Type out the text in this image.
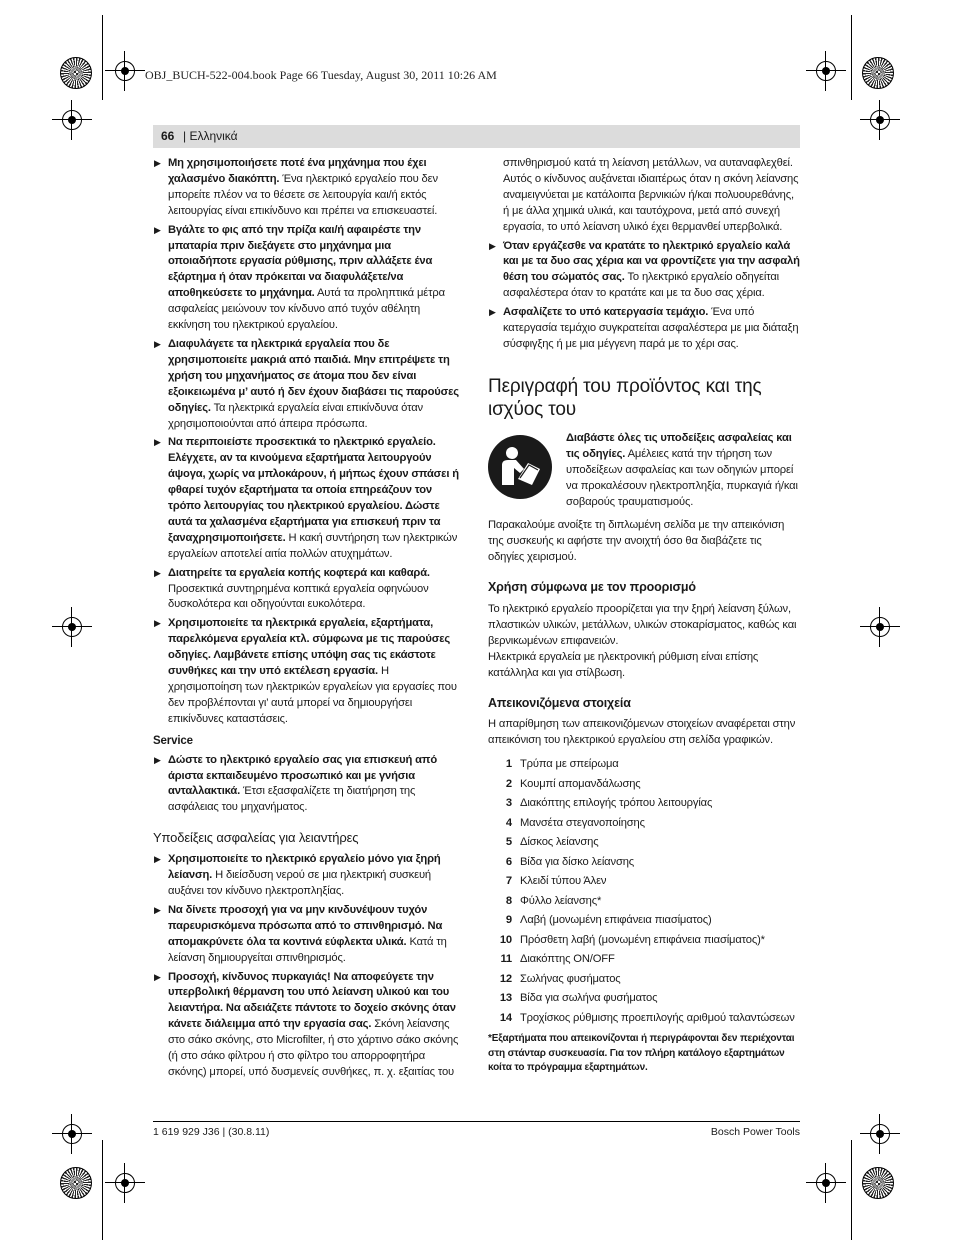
OBJ_BUCH-522-004.book Page 66 Tuesday, August 30, 2011 10:26 AM
66 | Ελληνικά
▶ Μη χρησιμοποιήσετε ποτέ ένα μηχάνημα που έχει χαλασμένο διακόπτη. Ένα ηλεκτρικό εργαλείο που δεν μπορείτε πλέον να το θέσετε σε λειτουργία και/ή εκτός λειτουργίας είναι επικίνδυνο και πρέπει να επισκευαστεί.
▶ Βγάλτε το φις από την πρίζα και/ή αφαιρέστε την μπαταρία πριν διεξάγετε στο μηχάνημα μια οποιαδήποτε εργασία ρύθμισης, πριν αλλάξετε ένα εξάρτημα ή όταν πρόκειται να διαφυλάξετε/να αποθηκεύσετε το μηχάνημα. Αυτά τα προληπτικά μέτρα ασφαλείας μειώνουν τον κίνδυνο από τυχόν αθέλητη εκκίνηση του ηλεκτρικού εργαλείου.
▶ Διαφυλάγετε τα ηλεκτρικά εργαλεία που δε χρησιμοποιείτε μακριά από παιδιά. Μην επιτρέψετε τη χρήση του μηχανήματος σε άτομα που δεν είναι εξοικειωμένα μ’ αυτό ή δεν έχουν διαβάσει τις παρούσες οδηγίες. Τα ηλεκτρικά εργαλεία είναι επικίνδυνα όταν χρησιμοποιούνται από άπειρα πρόσωπα.
▶ Να περιποιείστε προσεκτικά το ηλεκτρικό εργαλείο. Ελέγχετε, αν τα κινούμενα εξαρτήματα λειτουργούν άψογα, χωρίς να μπλοκάρουν, ή μήπως έχουν σπάσει ή φθαρεί τυχόν εξαρτήματα τα οποία επηρεάζουν τον τρόπο λειτουργίας του ηλεκτρικού εργαλείου. Δώστε αυτά τα χαλασμένα εξαρτήματα για επισκευή πριν τα ξαναχρησιμοποιήσετε. Η κακή συντήρηση των ηλεκτρικών εργαλείων αποτελεί αιτία πολλών ατυχημάτων.
▶ Διατηρείτε τα εργαλεία κοπής κοφτερά και καθαρά. Προσεκτικά συντηρημένα κοπτικά εργαλεία οφηνώυον δυσκολότερα και οδηγούνται ευκολότερα.
▶ Χρησιμοποιείτε τα ηλεκτρικά εργαλεία, εξαρτήματα, παρελκόμενα εργαλεία κτλ. σύμφωνα με τις παρούσες οδηγίες. Λαμβάνετε επίσης υπόψη σας τις εκάστοτε συνθήκες και την υπό εκτέλεση εργασία. Η χρησιμοποίηση των ηλεκτρικών εργαλείων για εργασίες που δεν προβλέπονται γι’ αυτά μπορεί να δημιουργήσει επικίνδυνες καταστάσεις.
Service
▶ Δώστε το ηλεκτρικό εργαλείο σας για επισκευή από άριστα εκπαιδευμένο προσωπικό και με γνήσια ανταλλακτικά. Έτσι εξασφαλίζετε τη διατήρηση της ασφάλειας του μηχανήματος.
Υποδείξεις ασφαλείας για λειαντήρες
▶ Χρησιμοποιείτε το ηλεκτρικό εργαλείο μόνο για ξηρή λείανση. Η διείσδυση νερού σε μια ηλεκτρική συσκευή αυξάνει τον κίνδυνο ηλεκτροπληξίας.
▶ Να δίνετε προσοχή για να μην κινδυνέψουν τυχόν παρευρισκόμενα πρόσωπα από το σπινθηρισμό. Να απομακρύνετε όλα τα κοντινά εύφλεκτα υλικά. Κατά τη λείανση δημιουργείται σπινθηρισμός.
▶ Προσοχή, κίνδυνος πυρκαγιάς! Να αποφεύγετε την υπερβολική θέρμανση του υπό λείανση υλικού και του λειαντήρα. Να αδειάζετε πάντοτε το δοχείο σκόνης όταν κάνετε διάλειμμα από την εργασία σας. Σκόνη λείανσης στο σάκο σκόνης, στο Microfilter, ή στο χάρτινο σάκο σκόνης (ή στο σάκο φίλτρου ή στο φίλτρο του απορροφητήρα σκόνης) μπορεί, υπό δυσμενείς συνθήκες, π. χ. εξαιτίας του
σπινθηρισμού κατά τη λείανση μετάλλων, να αυταναφλεχθεί. Αυτός ο κίνδυνος αυξάνεται ιδιαιτέρως όταν η σκόνη λείανσης αναμειγνύεται με κατάλοιπα βερνικιών ή/και πολυουρεθάνης, ή με άλλα χημικά υλικά, και ταυτόχρονα, μετά από συνεχή εργασία, το υπό λείανση υλικό έχει θερμανθεί υπερβολικά.
▶ Όταν εργάζεσθε να κρατάτε το ηλεκτρικό εργαλείο καλά και με τα δυο σας χέρια και να φροντίζετε για την ασφαλή θέση του σώματός σας. Το ηλεκτρικό εργαλείο οδηγείται ασφαλέστερα όταν το κρατάτε και με τα δυο σας χέρια.
▶ Ασφαλίζετε το υπό κατεργασία τεμάχιο. Ένα υπό κατεργασία τεμάχιο συγκρατείται ασφαλέστερα με μια διάταξη σύσφιγξης ή με μια μέγγενη παρά με το χέρι σας.
Περιγραφή του προϊόντος και της ισχύος του
Διαβάστε όλες τις υποδείξεις ασφαλείας και τις οδηγίες. Αμέλειες κατά την τήρηση των υποδείξεων ασφαλείας και των οδηγιών μπορεί να προκαλέσουν ηλεκτροπληξία, πυρκαγιά ή/και σοβαρούς τραυματισμούς.
Παρακαλούμε ανοίξτε τη διπλωμένη σελίδα με την απεικόνιση της συσκευής κι αφήστε την ανοιχτή όσο θα διαβάζετε τις οδηγίες χειρισμού.
Χρήση σύμφωνα με τον προορισμό
Το ηλεκτρικό εργαλείο προορίζεται για την ξηρή λείανση ξύλων, πλαστικών υλικών, μετάλλων, υλικών στοκαρίσματος, καθώς και βερνικωμένων επιφανειών.
Ηλεκτρικά εργαλεία με ηλεκτρονική ρύθμιση είναι επίσης κατάλληλα και για στίλβωση.
Απεικονιζόμενα στοιχεία
Η απαρίθμηση των απεικονιζόμενων στοιχείων αναφέρεται στην απεικόνιση του ηλεκτρικού εργαλείου στη σελίδα γραφικών.
1 Τρύπα με σπείρωμα
2 Κουμπί απομανδάλωσης
3 Διακόπτης επιλογής τρόπου λειτουργίας
4 Μανσέτα στεγανοποίησης
5 Δίσκος λείανσης
6 Βίδα για δίσκο λείανσης
7 Κλειδί τύπου Άλεν
8 Φύλλο λείανσης*
9 Λαβή (μονωμένη επιφάνεια πιασίματος)
10 Πρόσθετη λαβή (μονωμένη επιφάνεια πιασίματος)*
11 Διακόπτης ON/OFF
12 Σωλήνας φυσήματος
13 Βίδα για σωλήνα φυσήματος
14 Τροχίσκος ρύθμισης προεπιλογής αριθμού ταλαντώσεων
*Εξαρτήματα που απεικονίζονται ή περιγράφονται δεν περιέχονται στη στάνταρ συσκευασία. Για τον πλήρη κατάλογο εξαρτημάτων κοίτα το πρόγραμμα εξαρτημάτων.
1 619 929 J36 | (30.8.11)	Bosch Power Tools
